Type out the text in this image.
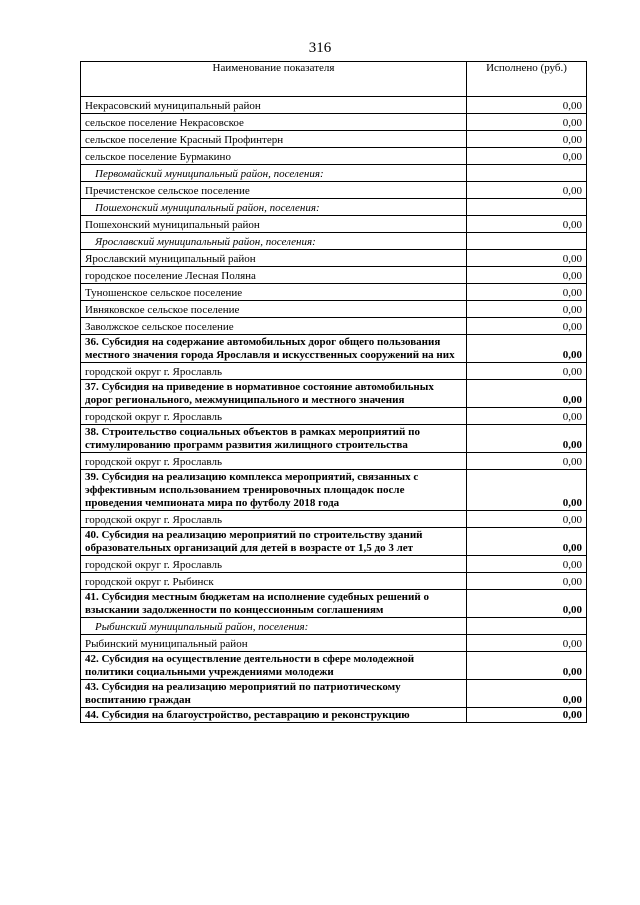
316
Наименование показателя	Исполнено (руб.)
Некрасовский муниципальный район	0,00
сельское поселение Некрасовское	0,00
сельское поселение Красный Профинтерн	0,00
сельское поселение Бурмакино	0,00
Первомайский муниципальный район, поселения:	
Пречистенское сельское поселение	0,00
Пошехонский муниципальный район, поселения:	
Пошехонский муниципальный район	0,00
Ярославский муниципальный район, поселения:	
Ярославский муниципальный район	0,00
городское поселение Лесная Поляна	0,00
Туношенское сельское поселение	0,00
Ивняковское сельское поселение	0,00
Заволжское сельское поселение	0,00
36. Субсидия на содержание автомобильных дорог общего пользования местного значения города Ярославля и искусственных сооружений на них	0,00
городской округ г. Ярославль	0,00
37. Субсидия на приведение в нормативное состояние автомобильных дорог регионального, межмуниципального и местного значения	0,00
городской округ г. Ярославль	0,00
38. Строительство социальных объектов в рамках мероприятий по стимулированию программ развития жилищного строительства	0,00
городской округ г. Ярославль	0,00
39. Субсидия на реализацию комплекса мероприятий, связанных с эффективным использованием тренировочных площадок после проведения чемпионата мира по футболу 2018 года	0,00
городской округ г. Ярославль	0,00
40. Субсидия на реализацию мероприятий по строительству зданий образовательных организаций для детей в возрасте от 1,5 до 3 лет	0,00
городской округ г. Ярославль	0,00
городской округ г. Рыбинск	0,00
41. Субсидия местным бюджетам на исполнение судебных решений о взыскании задолженности по концессионным соглашениям	0,00
Рыбинский муниципальный район, поселения:	
Рыбинский муниципальный район	0,00
42. Субсидия на осуществление деятельности в сфере молодежной политики социальными учреждениями молодежи	0,00
43. Субсидия на реализацию мероприятий по патриотическому воспитанию граждан	0,00
44. Субсидия на благоустройство, реставрацию и реконструкцию	0,00
